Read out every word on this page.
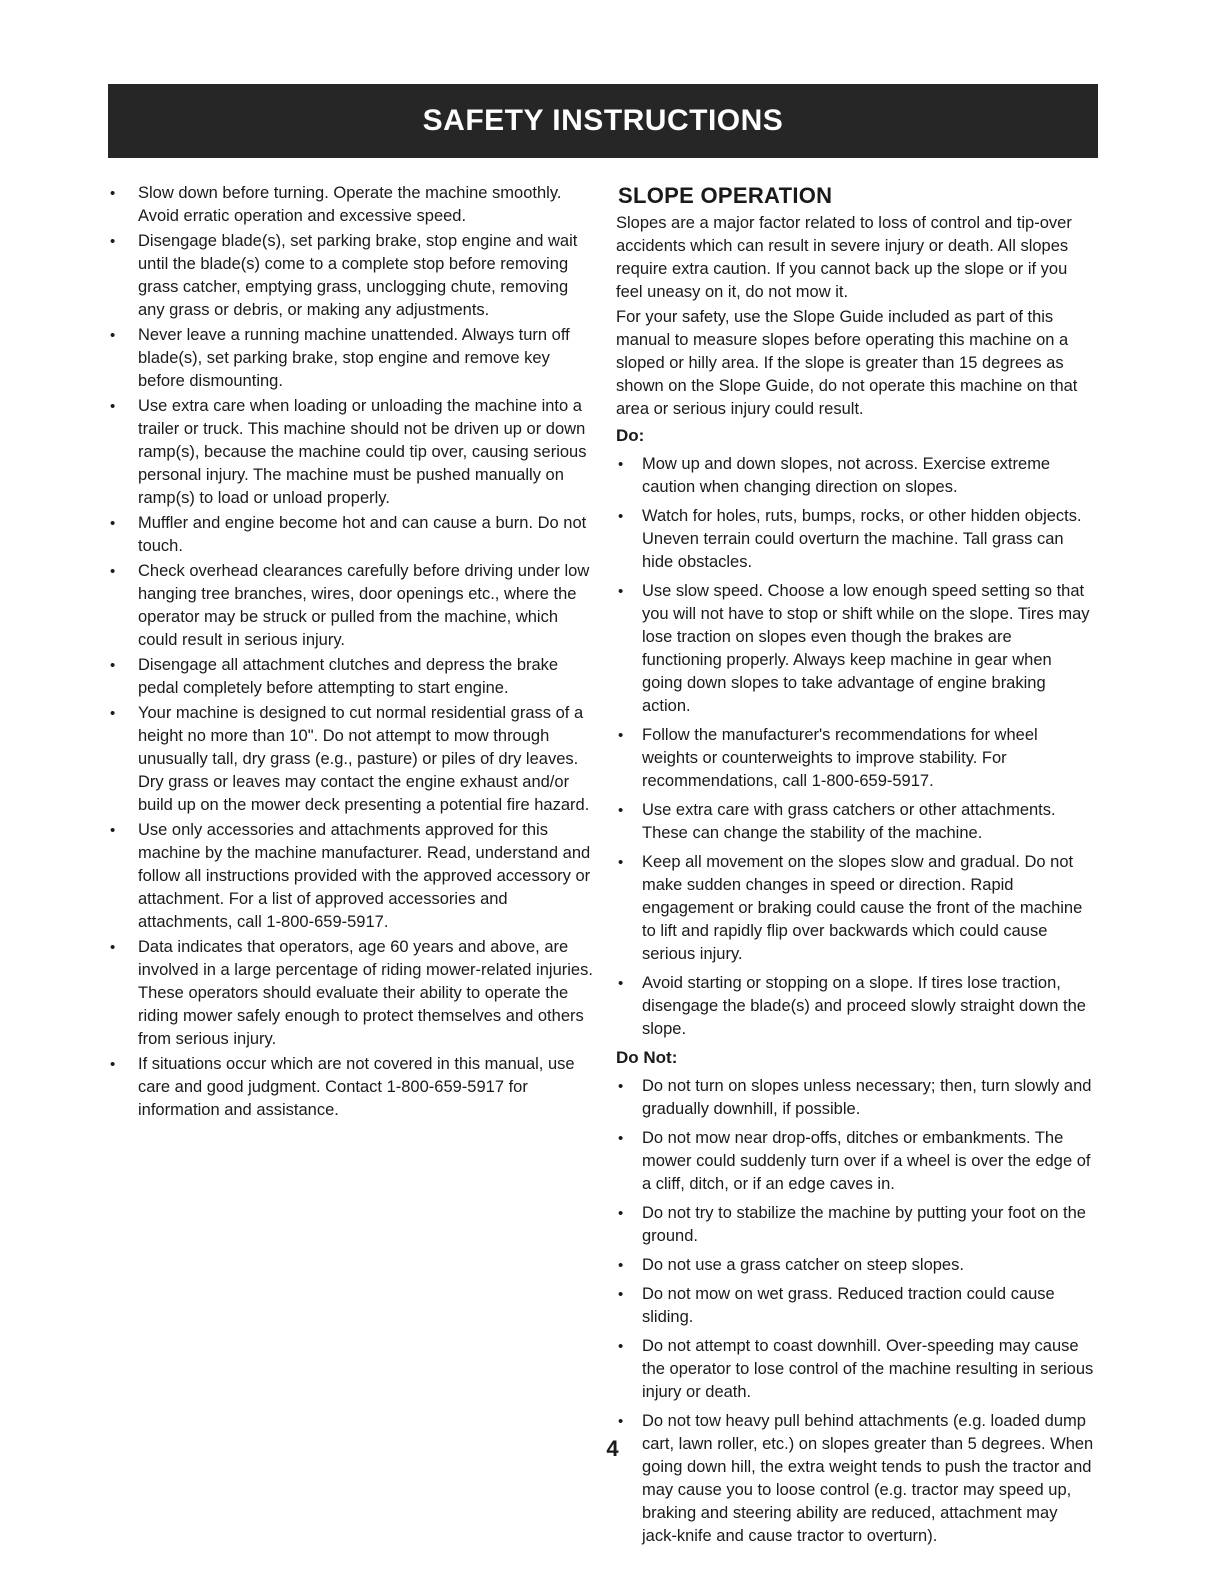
SAFETY INSTRUCTIONS
• Slow down before turning. Operate the machine smoothly. Avoid erratic operation and excessive speed.
• Disengage blade(s), set parking brake, stop engine and wait until the blade(s) come to a complete stop before removing grass catcher, emptying grass, unclogging chute, removing any grass or debris, or making any adjustments.
• Never leave a running machine unattended. Always turn off blade(s), set parking brake, stop engine and remove key before dismounting.
• Use extra care when loading or unloading the machine into a trailer or truck. This machine should not be driven up or down ramp(s), because the machine could tip over, causing serious personal injury. The machine must be pushed manually on ramp(s) to load or unload properly.
• Muffler and engine become hot and can cause a burn. Do not touch.
• Check overhead clearances carefully before driving under low hanging tree branches, wires, door openings etc., where the operator may be struck or pulled from the machine, which could result in serious injury.
• Disengage all attachment clutches and depress the brake pedal completely before attempting to start engine.
• Your machine is designed to cut normal residential grass of a height no more than 10". Do not attempt to mow through unusually tall, dry grass (e.g., pasture) or piles of dry leaves. Dry grass or leaves may contact the engine exhaust and/or build up on the mower deck presenting a potential fire hazard.
• Use only accessories and attachments approved for this machine by the machine manufacturer. Read, understand and follow all instructions provided with the approved accessory or attachment. For a list of approved accessories and attachments, call 1-800-659-5917.
• Data indicates that operators, age 60 years and above, are involved in a large percentage of riding mower-related injuries. These operators should evaluate their ability to operate the riding mower safely enough to protect themselves and others from serious injury.
• If situations occur which are not covered in this manual, use care and good judgment. Contact 1-800-659-5917 for information and assistance.
SLOPE OPERATION

Slopes are a major factor related to loss of control and tip-over accidents which can result in severe injury or death. All slopes require extra caution. If you cannot back up the slope or if you feel uneasy on it, do not mow it.

For your safety, use the Slope Guide included as part of this manual to measure slopes before operating this machine on a sloped or hilly area. If the slope is greater than 15 degrees as shown on the Slope Guide, do not operate this machine on that area or serious injury could result.

Do:
• Mow up and down slopes, not across. Exercise extreme caution when changing direction on slopes.
• Watch for holes, ruts, bumps, rocks, or other hidden objects. Uneven terrain could overturn the machine. Tall grass can hide obstacles.
• Use slow speed. Choose a low enough speed setting so that you will not have to stop or shift while on the slope. Tires may lose traction on slopes even though the brakes are functioning properly. Always keep machine in gear when going down slopes to take advantage of engine braking action.
• Follow the manufacturer's recommendations for wheel weights or counterweights to improve stability. For recommendations, call 1-800-659-5917.
• Use extra care with grass catchers or other attachments. These can change the stability of the machine.
• Keep all movement on the slopes slow and gradual. Do not make sudden changes in speed or direction. Rapid engagement or braking could cause the front of the machine to lift and rapidly flip over backwards which could cause serious injury.
• Avoid starting or stopping on a slope. If tires lose traction, disengage the blade(s) and proceed slowly straight down the slope.
Do Not:
• Do not turn on slopes unless necessary; then, turn slowly and gradually downhill, if possible.
• Do not mow near drop-offs, ditches or embankments. The mower could suddenly turn over if a wheel is over the edge of a cliff, ditch, or if an edge caves in.
• Do not try to stabilize the machine by putting your foot on the ground.
• Do not use a grass catcher on steep slopes.
• Do not mow on wet grass. Reduced traction could cause sliding.
• Do not attempt to coast downhill. Over-speeding may cause the operator to lose control of the machine resulting in serious injury or death.
• Do not tow heavy pull behind attachments (e.g. loaded dump cart, lawn roller, etc.) on slopes greater than 5 degrees. When going down hill, the extra weight tends to push the tractor and may cause you to loose control (e.g. tractor may speed up, braking and steering ability are reduced, attachment may jack-knife and cause tractor to overturn).
4
